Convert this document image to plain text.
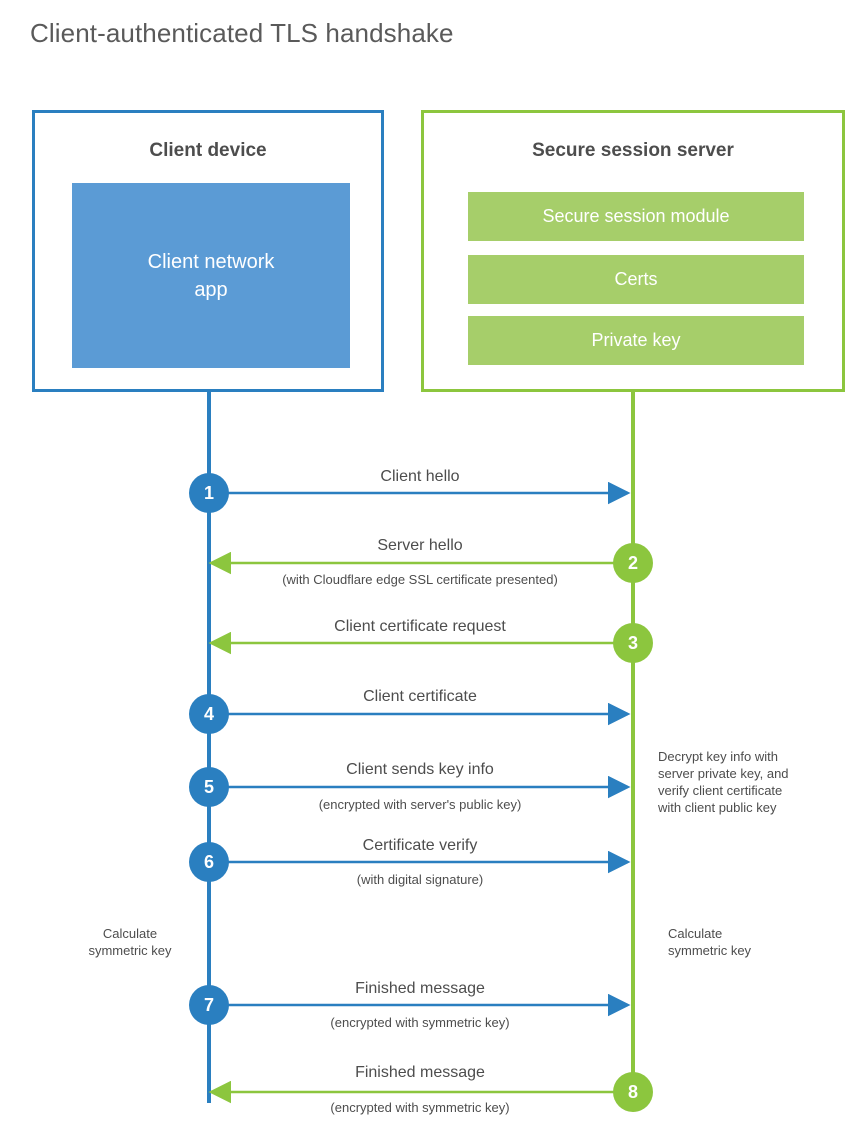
Client-authenticated TLS handshake
Client device
Client network
app
Secure session server
Secure session module
Certs
Private key
1
2
3
4
5
6
7
8
Client hello
Server hello
(with Cloudflare edge SSL certificate presented)
Client certificate request
Client certificate
Client sends key info
(encrypted with server's public key)
Certificate verify
(with digital signature)
Finished message
(encrypted with symmetric key)
Finished message
(encrypted with symmetric key)
Decrypt key info with
server private key, and
verify client certificate
with client public key
Calculate
symmetric key
Calculate
symmetric key
